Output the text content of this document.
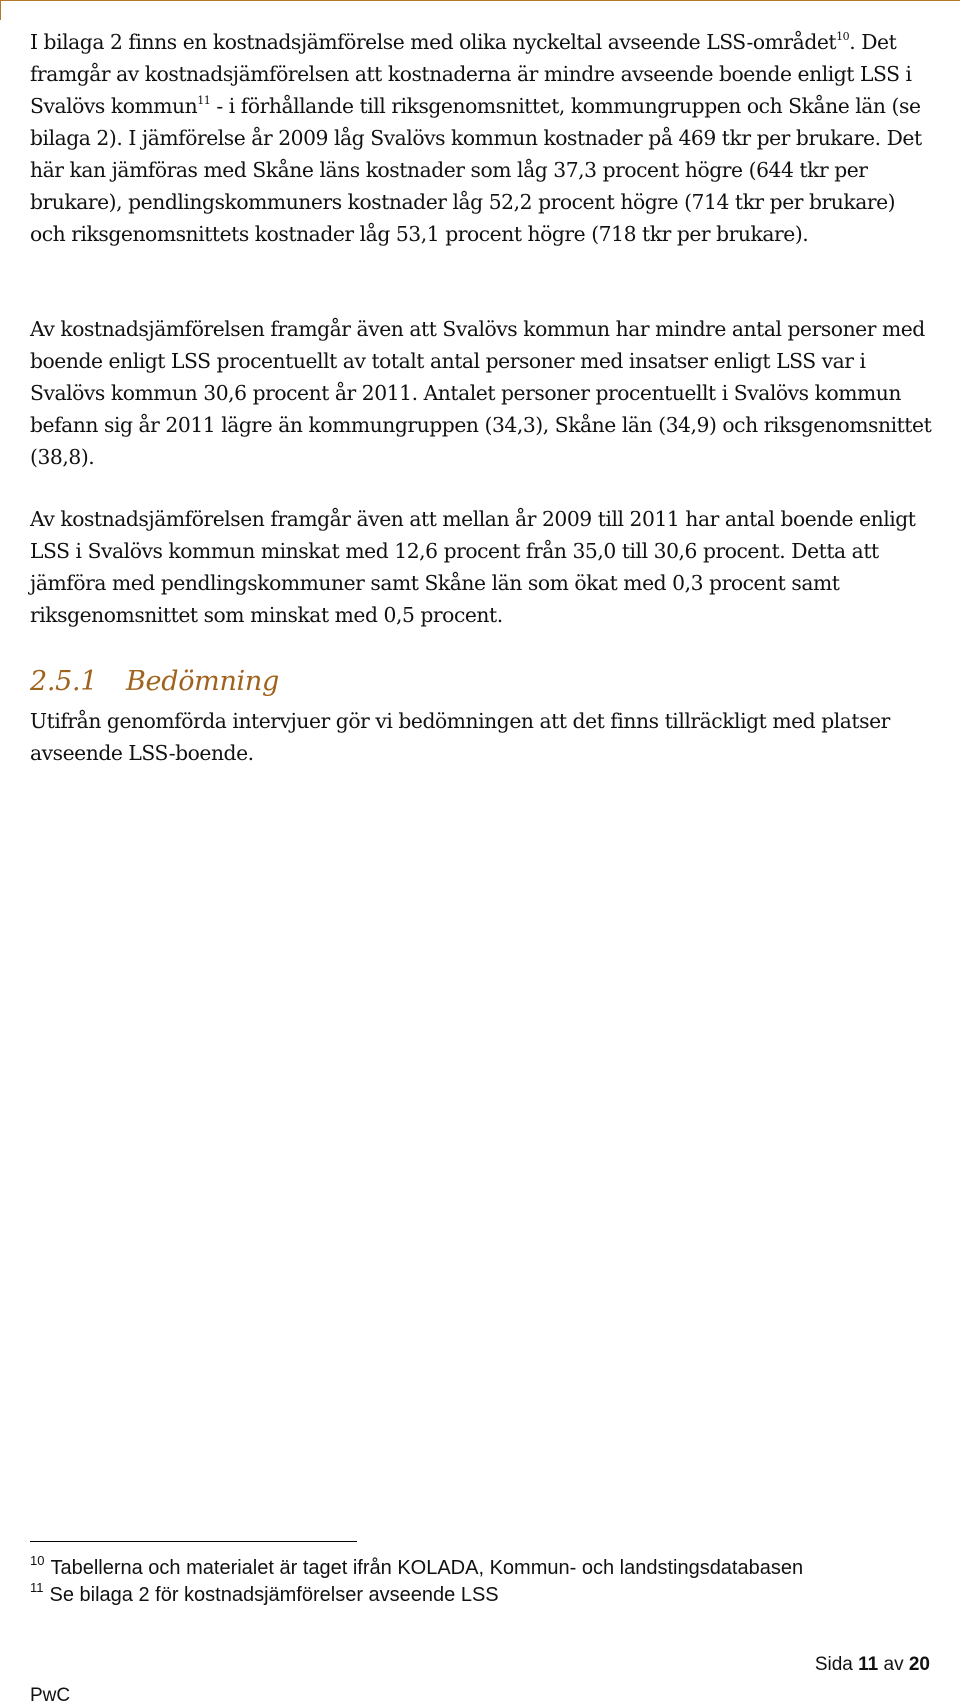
I bilaga 2 finns en kostnadsjämförelse med olika nyckeltal avseende LSS-området$^{10}$. Det framgår av kostnadsjämförelsen att kostnaderna är mindre avseende boende enligt LSS i Svalövs kommun$^{11}$ - i förhållande till riksgenomsnittet, kommungruppen och Skåne län (se bilaga 2). I jämförelse år 2009 låg Svalövs kommun kostnader på 469 tkr per brukare. Det här kan jämföras med Skåne läns kostnader som låg 37,3 procent högre (644 tkr per brukare), pendlingskommuners kostnader låg 52,2 procent högre (714 tkr per brukare) och riksgenomsnittets kostnader låg 53,1 procent högre (718 tkr per brukare).

Av kostnadsjämförelsen framgår även att Svalövs kommun har mindre antal personer med boende enligt LSS procentuellt av totalt antal personer med insatser enligt LSS var i Svalövs kommun 30,6 procent år 2011. Antalet personer procentuellt i Svalövs kommun befann sig år 2011 lägre än kommungruppen (34,3), Skåne län (34,9) och riksgenomsnittet (38,8).

Av kostnadsjämförelsen framgår även att mellan år 2009 till 2011 har antal boende enligt LSS i Svalövs kommun minskat med 12,6 procent från 35,0 till 30,6 procent. Detta att jämföra med pendlingskommuner samt Skåne län som ökat med 0,3 procent samt riksgenomsnittet som minskat med 0,5 procent.

2.5.1 Bedömning

Utifrån genomförda intervjuer gör vi bedömningen att det finns tillräckligt med platser avseende LSS-boende.

$^{10}$ Tabellerna och materialet är taget ifrån KOLADA, Kommun- och landstingsdatabasen

$^{11}$ Se bilaga 2 för kostnadsjämförelser avseende LSS

Sida 11 av 20
PwC
